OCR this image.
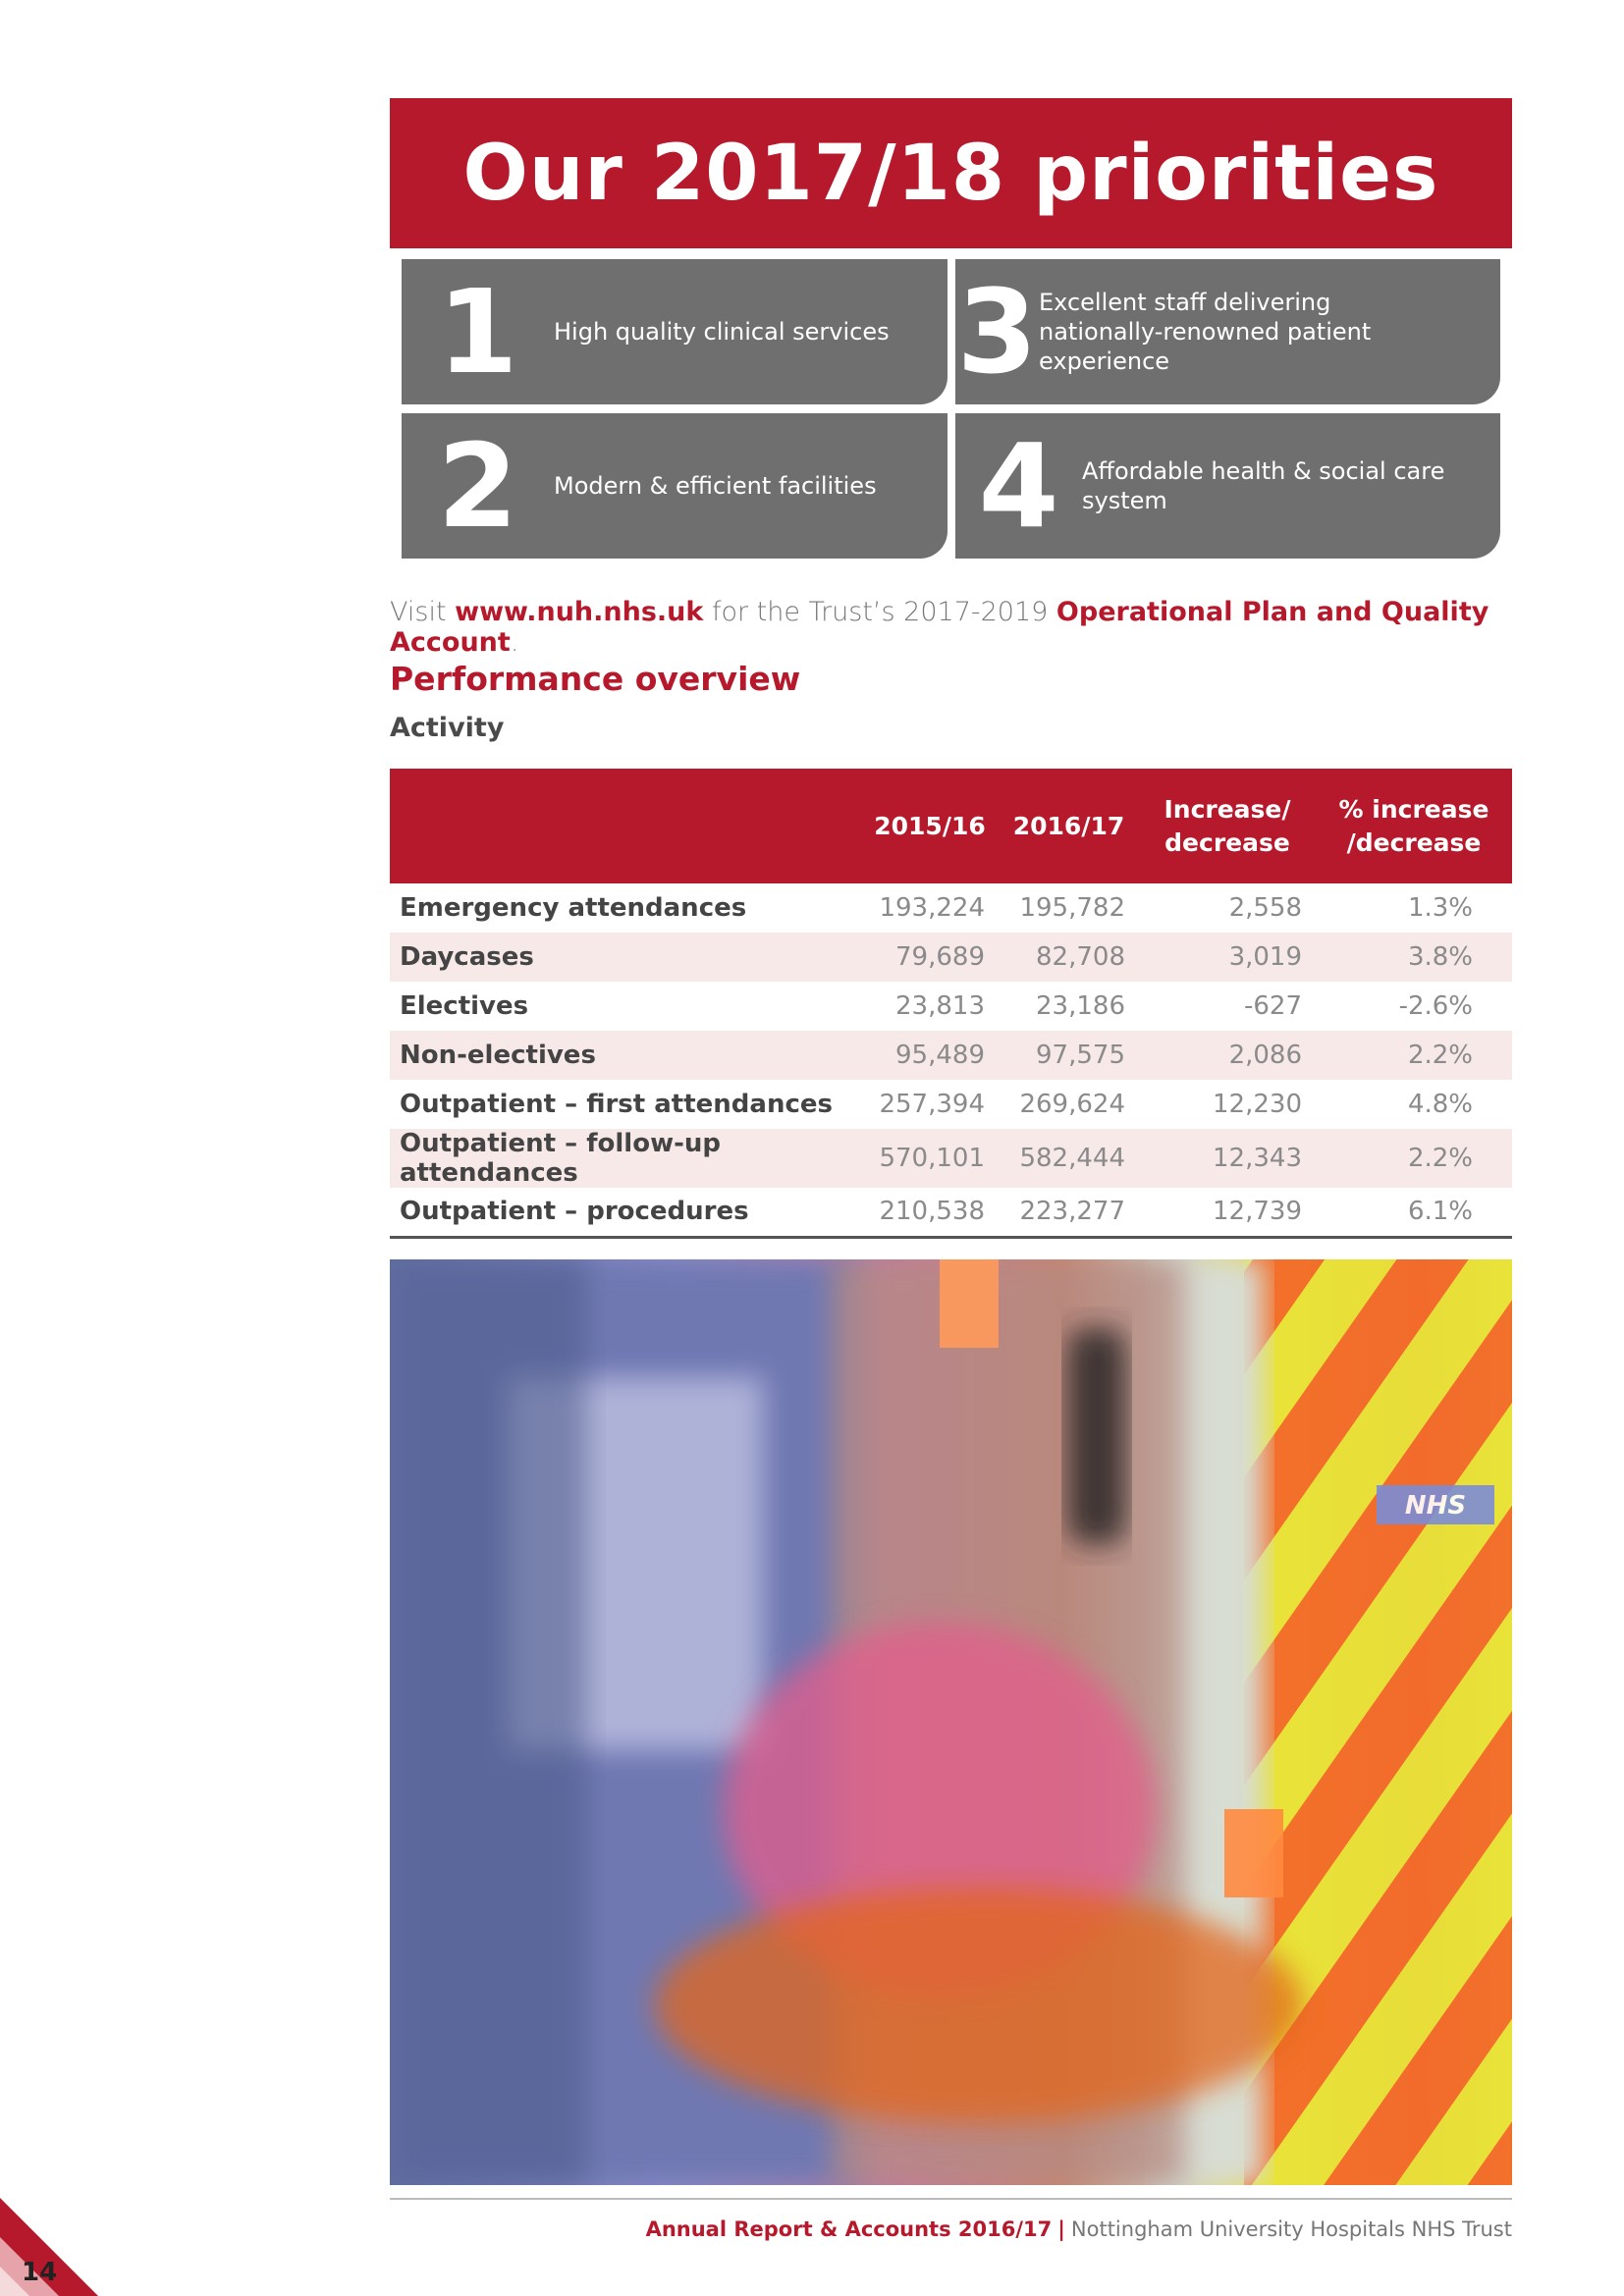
Our 2017/18 priorities
1	High quality clinical services
2	Modern & efficient facilities
3 Excellent staff delivering nationally-renowned patient experience
4 Affordable health & social care system
Visit www.nuh.nhs.uk for the Trust’s 2017-2019 Operational Plan and Quality Account.
Performance overview
Activity
	2015/16	2016/17	Increase/ decrease	% increase /decrease
Emergency attendances	193,224	195,782	2,558	1.3%
Daycases	79,689	82,708	3,019	3.8%
Electives	23,813	23,186	-627	-2.6%
Non-electives	95,489	97,575	2,086	2.2%
Outpatient – first attendances	257,394	269,624	12,230	4.8%
Outpatient – follow-up attendances	570,101	582,444	12,343	2.2%
Outpatient – procedures	210,538	223,277	12,739	6.1%
NHS
Annual Report & Accounts 2016/17 | Nottingham University Hospitals NHS Trust
14
